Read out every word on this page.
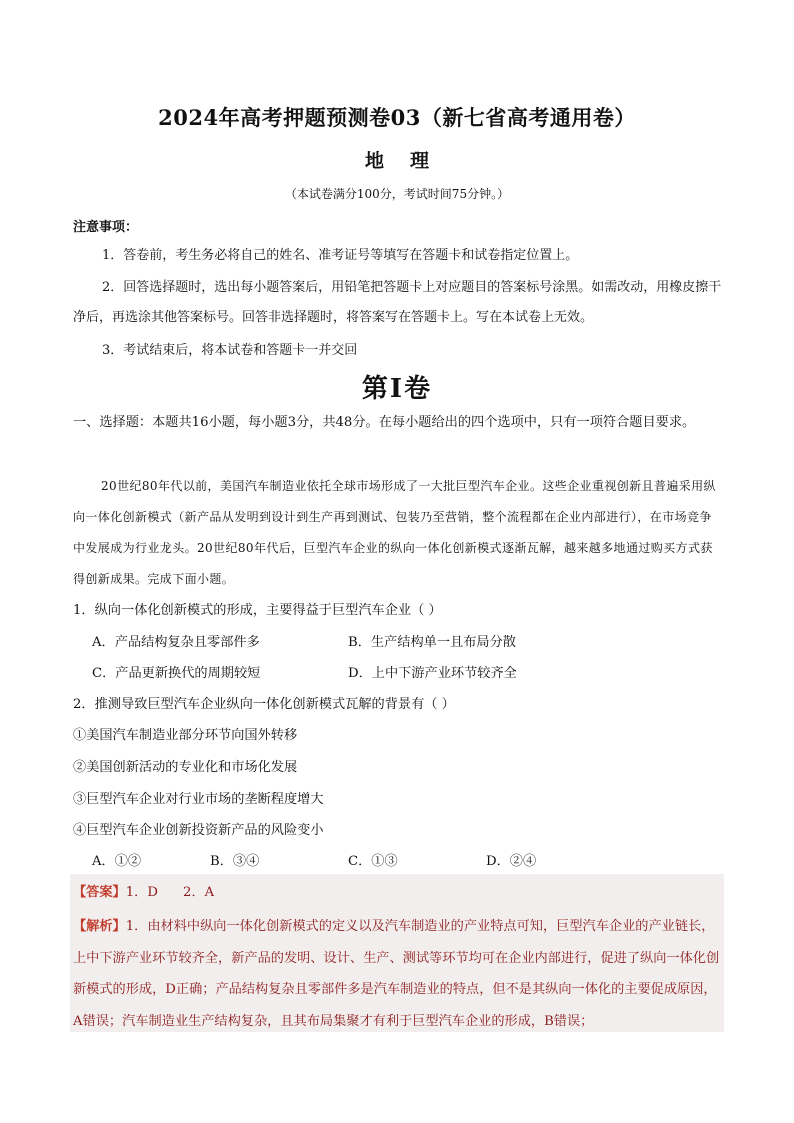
2024年高考押题预测卷03（新七省高考通用卷）
地理
（本试卷满分100分，考试时间75分钟。）
注意事项：
1．答卷前，考生务必将自己的姓名、准考证号等填写在答题卡和试卷指定位置上。
2．回答选择题时，选出每小题答案后，用铅笔把答题卡上对应题目的答案标号涂黑。如需改动，用橡皮擦干净后，再选涂其他答案标号。回答非选择题时，将答案写在答题卡上。写在本试卷上无效。
3．考试结束后，将本试卷和答题卡一并交回
第I卷
一、选择题：本题共16小题，每小题3分，共48分。在每小题给出的四个选项中，只有一项符合题目要求。
20世纪80年代以前，美国汽车制造业依托全球市场形成了一大批巨型汽车企业。这些企业重视创新且普遍采用纵向一体化创新模式（新产品从发明到设计到生产再到测试、包装乃至营销，整个流程都在企业内部进行），在市场竞争中发展成为行业龙头。20世纪80年代后，巨型汽车企业的纵向一体化创新模式逐渐瓦解，越来越多地通过购买方式获得创新成果。完成下面小题。
1．纵向一体化创新模式的形成，主要得益于巨型汽车企业（ ）
A．产品结构复杂且零部件多	B．生产结构单一且布局分散
C．产品更新换代的周期较短	D．上中下游产业环节较齐全
2．推测导致巨型汽车企业纵向一体化创新模式瓦解的背景有（ ）
①美国汽车制造业部分环节向国外转移
②美国创新活动的专业化和市场化发展
③巨型汽车企业对行业市场的垄断程度增大
④巨型汽车企业创新投资新产品的风险变小
A．①②	B．③④	C．①③	D．②④
【答案】1．D      2．A
【解析】1．由材料中纵向一体化创新模式的定义以及汽车制造业的产业特点可知，巨型汽车企业的产业链长，上中下游产业环节较齐全，新产品的发明、设计、生产、测试等环节均可在企业内部进行，促进了纵向一体化创新模式的形成，D正确；产品结构复杂且零部件多是汽车制造业的特点，但不是其纵向一体化的主要促成原因，A错误；汽车制造业生产结构复杂，且其布局集聚才有利于巨型汽车企业的形成，B错误；
